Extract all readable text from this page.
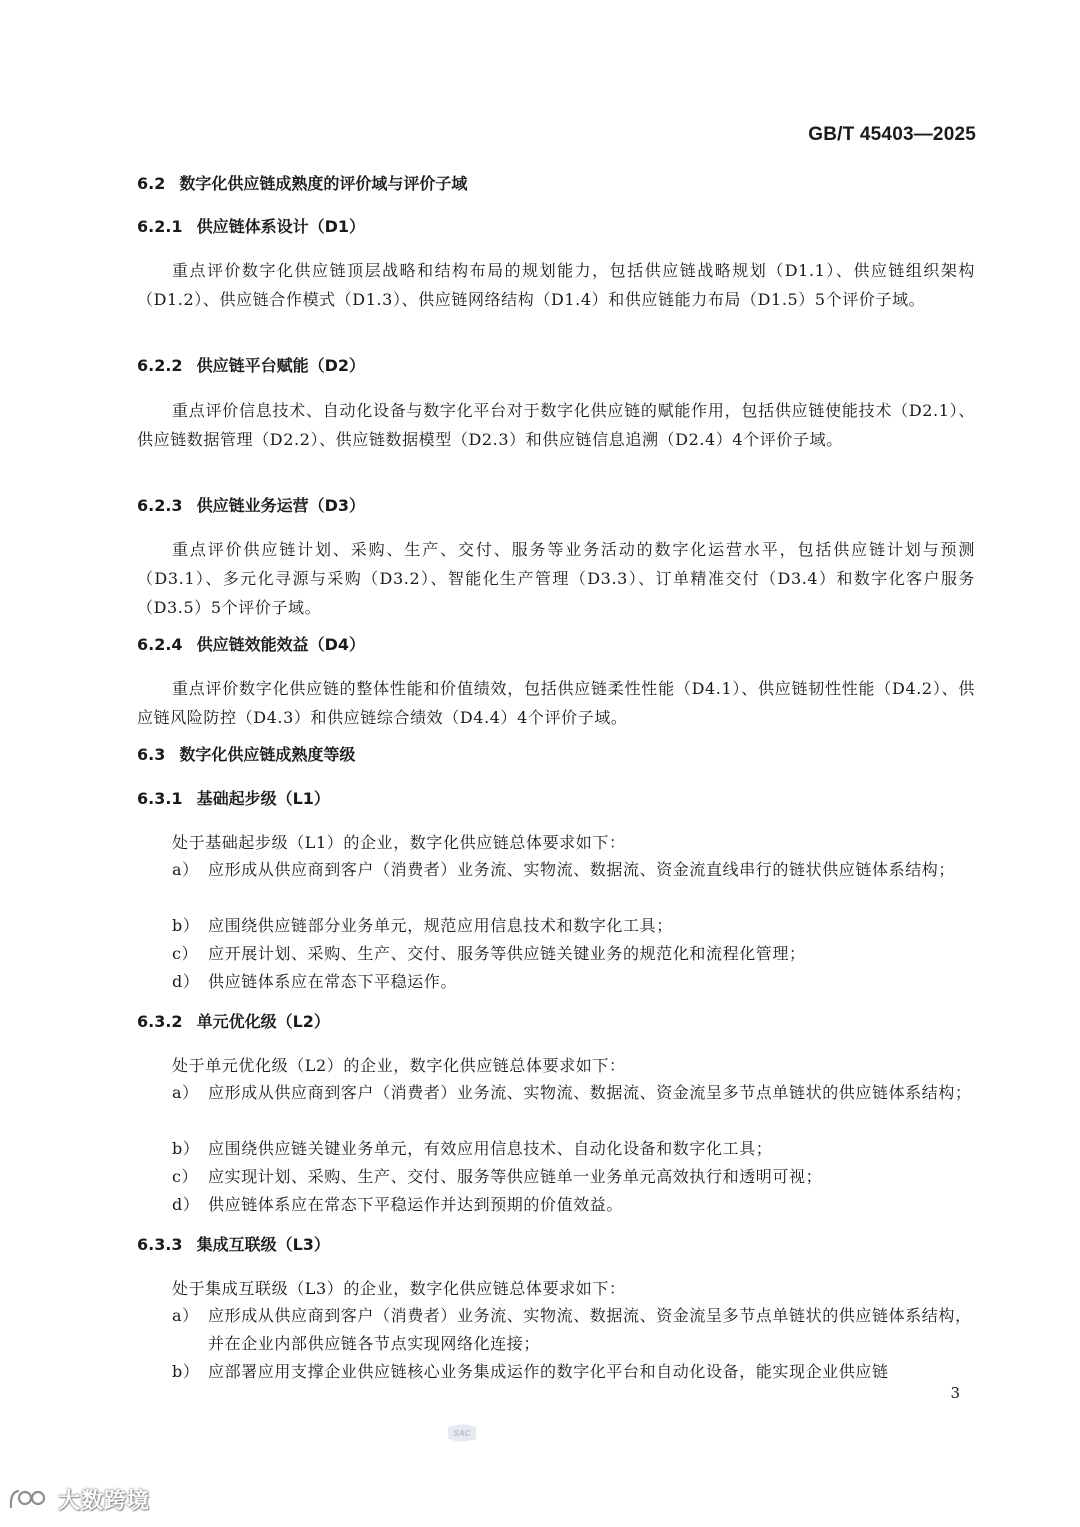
GB/T 45403—2025
6.2 数字化供应链成熟度的评价域与评价子域
6.2.1 供应链体系设计（D1）
重点评价数字化供应链顶层战略和结构布局的规划能力，包括供应链战略规划（D1.1）、供应链组织架构（D1.2）、供应链合作模式（D1.3）、供应链网络结构（D1.4）和供应链能力布局（D1.5）5个评价子域。
6.2.2 供应链平台赋能（D2）
重点评价信息技术、自动化设备与数字化平台对于数字化供应链的赋能作用，包括供应链使能技术（D2.1）、供应链数据管理（D2.2）、供应链数据模型（D2.3）和供应链信息追溯（D2.4）4个评价子域。
6.2.3 供应链业务运营（D3）
重点评价供应链计划、采购、生产、交付、服务等业务活动的数字化运营水平，包括供应链计划与预测（D3.1）、多元化寻源与采购（D3.2）、智能化生产管理（D3.3）、订单精准交付（D3.4）和数字化客户服务（D3.5）5个评价子域。
6.2.4 供应链效能效益（D4）
重点评价数字化供应链的整体性能和价值绩效，包括供应链柔性性能（D4.1）、供应链韧性性能（D4.2）、供应链风险防控（D4.3）和供应链综合绩效（D4.4）4个评价子域。
6.3 数字化供应链成熟度等级
6.3.1 基础起步级（L1）
处于基础起步级（L1）的企业，数字化供应链总体要求如下：
a） 应形成从供应商到客户（消费者）业务流、实物流、数据流、资金流直线串行的链状供应链体系结构；
b） 应围绕供应链部分业务单元，规范应用信息技术和数字化工具；
c） 应开展计划、采购、生产、交付、服务等供应链关键业务的规范化和流程化管理；
d） 供应链体系应在常态下平稳运作。
6.3.2 单元优化级（L2）
处于单元优化级（L2）的企业，数字化供应链总体要求如下：
a） 应形成从供应商到客户（消费者）业务流、实物流、数据流、资金流呈多节点单链状的供应链体系结构；
b） 应围绕供应链关键业务单元，有效应用信息技术、自动化设备和数字化工具；
c） 应实现计划、采购、生产、交付、服务等供应链单一业务单元高效执行和透明可视；
d） 供应链体系应在常态下平稳运作并达到预期的价值效益。
6.3.3 集成互联级（L3）
处于集成互联级（L3）的企业，数字化供应链总体要求如下：
a） 应形成从供应商到客户（消费者）业务流、实物流、数据流、资金流呈多节点单链状的供应链体系结构，并在企业内部供应链各节点实现网络化连接；
b） 应部署应用支撑企业供应链核心业务集成运作的数字化平台和自动化设备，能实现企业供应链
3
SAC
大数跨境
